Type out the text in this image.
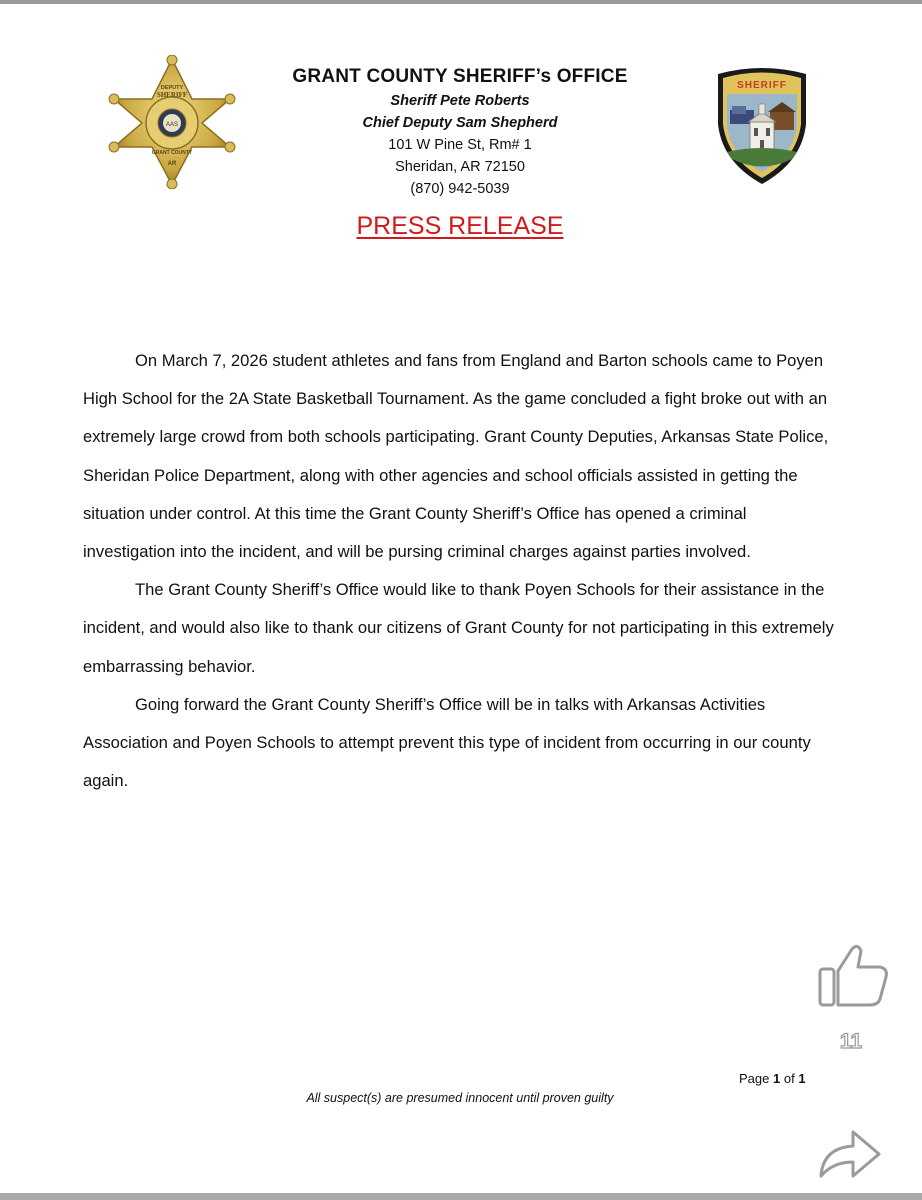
AAS
DEPUTY
SHERIFF
GRANT COUNTY
AR
GRANT COUNTY SHERIFF’s OFFICE
Sheriff Pete Roberts
Chief Deputy Sam Shepherd
101 W Pine St, Rm# 1
Sheridan, AR 72150
(870) 942-5039
SHERIFF
PRESS RELEASE

On March 7, 2026 student athletes and fans from England and Barton schools came to Poyen High School for the 2A State Basketball Tournament. As the game concluded a fight broke out with an extremely large crowd from both schools participating. Grant County Deputies, Arkansas State Police, Sheridan Police Department, along with other agencies and school officials assisted in getting the situation under control. At this time the Grant County Sheriff’s Office has opened a criminal investigation into the incident, and will be pursing criminal charges against parties involved.

The Grant County Sheriff’s Office would like to thank Poyen Schools for their assistance in the incident, and would also like to thank our citizens of Grant County for not participating in this extremely embarrassing behavior.

Going forward the Grant County Sheriff’s Office will be in talks with Arkansas Activities Association and Poyen Schools to attempt prevent this type of incident from occurring in our county again.

11
Page 1 of 1
All suspect(s) are presumed innocent until proven guilty
